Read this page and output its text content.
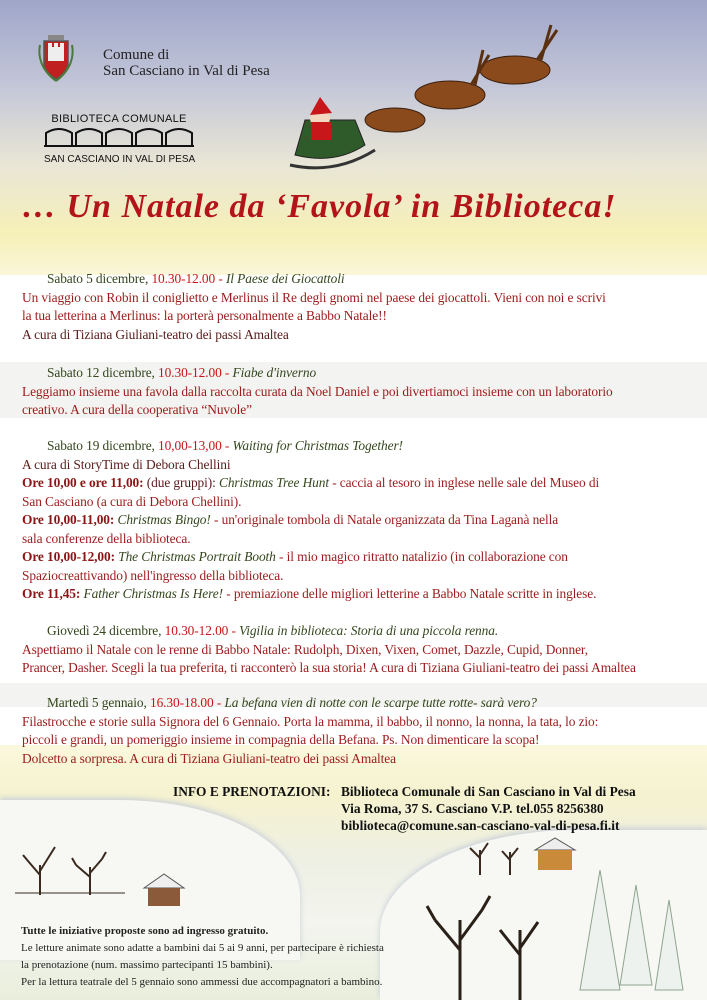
Comune di
San Casciano in Val di Pesa
BIBLIOTECA COMUNALE
SAN CASCIANO IN VAL DI PESA
… Un Natale da ‘Favola’ in Biblioteca!
Sabato 5 dicembre, 10.30-12.00 - Il Paese dei Giocattoli
Un viaggio con Robin il coniglietto e Merlinus il Re degli gnomi nel paese dei giocattoli. Vieni con noi e scrivi
la tua letterina a Merlinus: la porterà personalmente a Babbo Natale!!
A cura di Tiziana Giuliani-teatro dei passi Amaltea
Sabato 12 dicembre, 10.30-12.00 - Fiabe d'inverno
Leggiamo insieme una favola dalla raccolta curata da Noel Daniel e poi divertiamoci insieme con un laboratorio
creativo. A cura della cooperativa “Nuvole”
Sabato 19 dicembre, 10,00-13,00 - Waiting for Christmas Together!
A cura di StoryTime di Debora Chellini
Ore 10,00 e ore 11,00: (due gruppi): Christmas Tree Hunt - caccia al tesoro in inglese nelle sale del Museo di
San Casciano (a cura di Debora Chellini).
Ore 10,00-11,00: Christmas Bingo! - un'originale tombola di Natale organizzata da Tina Laganà nella
sala conferenze della biblioteca.
Ore 10,00-12,00: The Christmas Portrait Booth - il mio magico ritratto natalizio (in collaborazione con
Spaziocreattivando) nell'ingresso della biblioteca.
Ore 11,45: Father Christmas Is Here! - premiazione delle migliori letterine a Babbo Natale scritte in inglese.
Giovedì 24 dicembre, 10.30-12.00 - Vigilia in biblioteca: Storia di una piccola renna.
Aspettiamo il Natale con le renne di Babbo Natale: Rudolph, Dixen, Vixen, Comet, Dazzle, Cupid, Donner,
Prancer, Dasher. Scegli la tua preferita, ti racconterò la sua storia! A cura di Tiziana Giuliani-teatro dei passi Amaltea
Martedì 5 gennaio, 16.30-18.00 - La befana vien di notte con le scarpe tutte rotte- sarà vero?
Filastrocche e storie sulla Signora del 6 Gennaio. Porta la mamma, il babbo, il nonno, la nonna, la tata, lo zio:
piccoli e grandi, un pomeriggio insieme in compagnia della Befana. Ps. Non dimenticare la scopa!
Dolcetto a sorpresa. A cura di Tiziana Giuliani-teatro dei passi Amaltea
INFO E PRENOTAZIONI: Biblioteca Comunale di San Casciano in Val di Pesa
Via Roma, 37 S. Casciano V.P. tel.055 8256380
biblioteca@comune.san-casciano-val-di-pesa.fi.it
Tutte le iniziative proposte sono ad ingresso gratuito.
Le letture animate sono adatte a bambini dai 5 ai 9 anni, per partecipare è richiesta
la prenotazione (num. massimo partecipanti 15 bambini).
Per la lettura teatrale del 5 gennaio sono ammessi due accompagnatori a bambino.
